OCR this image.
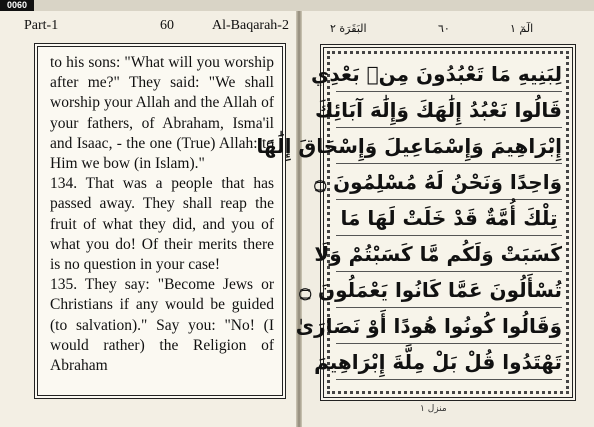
0060
Part-1	60	Al-Baqarah-2

to his sons: "What will you worship after me?" They said: "We shall worship your Allah and the Allah of your fathers, of Abraham, Isma'il and Isaac, - the one (True) Allah: to Him we bow (in Islam)."

134. That was a people that has passed away. They shall reap the fruit of what they did, and you of what you do! Of their merits there is no question in your case!

135. They say: "Become Jews or Christians if any would be guided (to salvation)." Say you: "No! (I would rather) the Religion of Abraham

الٓمٓ ١
٦٠
البَقَرَة ٢
لِبَنِيهِ مَا تَعْبُدُونَ مِنۢ بَعْدِي
قَالُوا نَعْبُدُ إِلَٰهَكَ وَإِلَٰهَ آبَائِكَ
إِبْرَاهِيمَ وَإِسْمَاعِيلَ وَإِسْحَاقَ إِلَٰهًا
وَاحِدًا وَنَحْنُ لَهُ مُسْلِمُونَ ۝
تِلْكَ أُمَّةٌ قَدْ خَلَتْ لَهَا مَا
كَسَبَتْ وَلَكُم مَّا كَسَبْتُمْ وَلَا
تُسْأَلُونَ عَمَّا كَانُوا يَعْمَلُونَ ۝
وَقَالُوا كُونُوا هُودًا أَوْ نَصَارَىٰ
تَهْتَدُوا قُلْ بَلْ مِلَّةَ إِبْرَاهِيمَ
منزل ١
